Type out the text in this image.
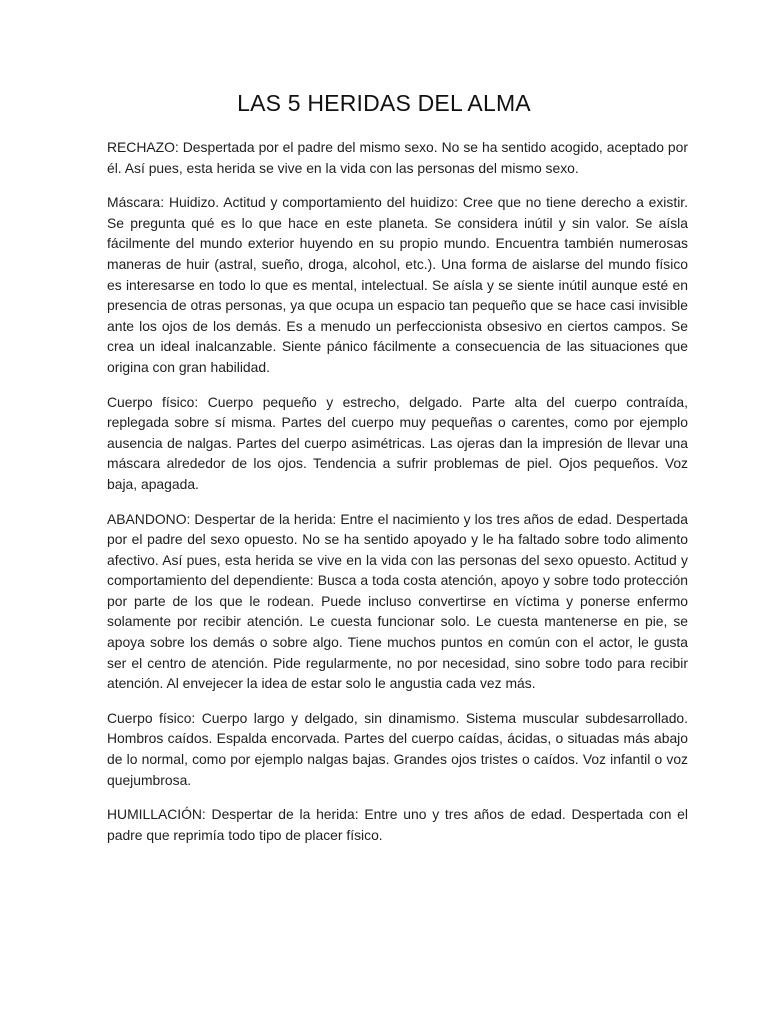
LAS 5 HERIDAS DEL ALMA

RECHAZO: Despertada por el padre del mismo sexo. No se ha sentido acogido, aceptado por él. Así pues, esta herida se vive en la vida con las personas del mismo sexo.

Máscara: Huidizo. Actitud y comportamiento del huidizo: Cree que no tiene derecho a existir. Se pregunta qué es lo que hace en este planeta. Se considera inútil y sin valor. Se aísla fácilmente del mundo exterior huyendo en su propio mundo. Encuentra también numerosas maneras de huir (astral, sueño, droga, alcohol, etc.). Una forma de aislarse del mundo físico es interesarse en todo lo que es mental, intelectual. Se aísla y se siente inútil aunque esté en presencia de otras personas, ya que ocupa un espacio tan pequeño que se hace casi invisible ante los ojos de los demás. Es a menudo un perfeccionista obsesivo en ciertos campos. Se crea un ideal inalcanzable. Siente pánico fácilmente a consecuencia de las situaciones que origina con gran habilidad.

Cuerpo físico: Cuerpo pequeño y estrecho, delgado. Parte alta del cuerpo contraída, replegada sobre sí misma. Partes del cuerpo muy pequeñas o carentes, como por ejemplo ausencia de nalgas. Partes del cuerpo asimétricas. Las ojeras dan la impresión de llevar una máscara alrededor de los ojos. Tendencia a sufrir problemas de piel. Ojos pequeños. Voz baja, apagada.

ABANDONO: Despertar de la herida: Entre el nacimiento y los tres años de edad. Despertada por el padre del sexo opuesto. No se ha sentido apoyado y le ha faltado sobre todo alimento afectivo. Así pues, esta herida se vive en la vida con las personas del sexo opuesto. Actitud y comportamiento del dependiente: Busca a toda costa atención, apoyo y sobre todo protección por parte de los que le rodean. Puede incluso convertirse en víctima y ponerse enfermo solamente por recibir atención. Le cuesta funcionar solo. Le cuesta mantenerse en pie, se apoya sobre los demás o sobre algo. Tiene muchos puntos en común con el actor, le gusta ser el centro de atención. Pide regularmente, no por necesidad, sino sobre todo para recibir atención. Al envejecer la idea de estar solo le angustia cada vez más.

Cuerpo físico: Cuerpo largo y delgado, sin dinamismo. Sistema muscular subdesarrollado. Hombros caídos. Espalda encorvada. Partes del cuerpo caídas, ácidas, o situadas más abajo de lo normal, como por ejemplo nalgas bajas. Grandes ojos tristes o caídos. Voz infantil o voz quejumbrosa.

HUMILLACIÓN: Despertar de la herida: Entre uno y tres años de edad. Despertada con el padre que reprimía todo tipo de placer físico.
